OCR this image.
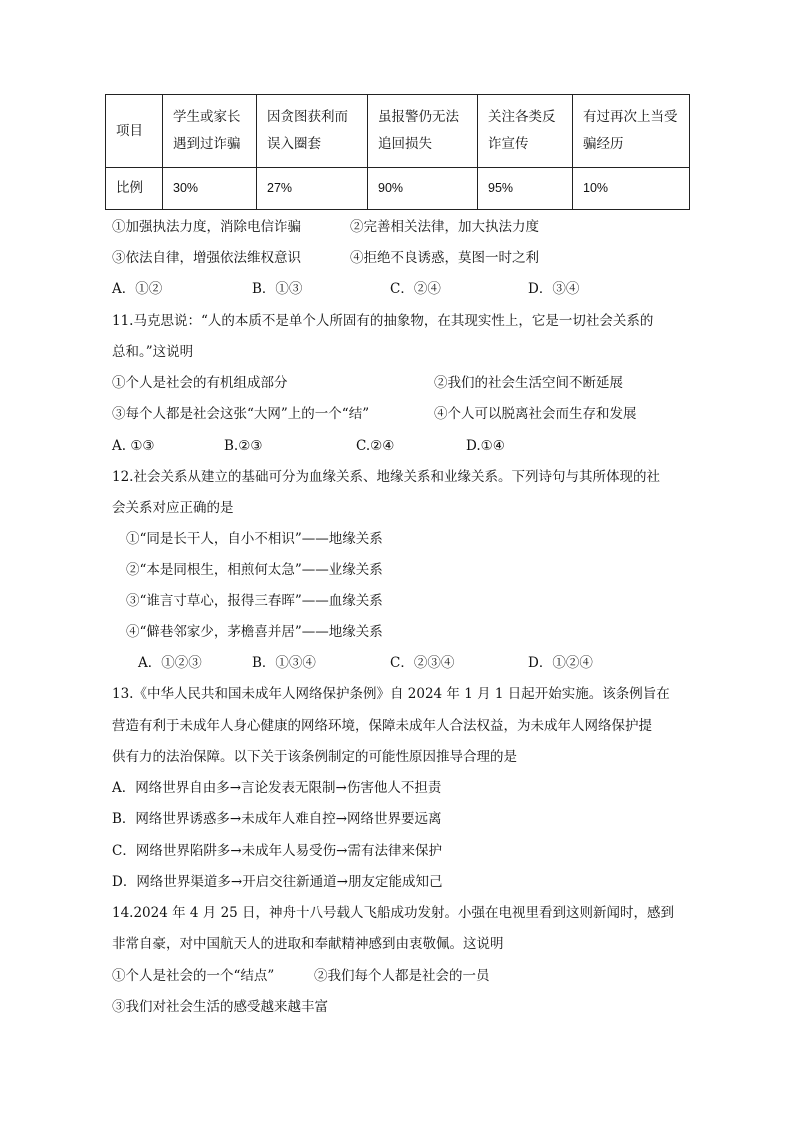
项目	学生或家长遇到过诈骗	因贪图获利而误入圈套	虽报警仍无法追回损失	关注各类反诈宣传	有过再次上当受骗经历
比例	30%	27%	90%	95%	10%
①加强执法力度，消除电信诈骗	②完善相关法律，加大执法力度
③依法自律，增强依法维权意识	④拒绝不良诱惑，莫图一时之利
A．①②	B．①③	C．②④	D．③④
11.马克思说：“人的本质不是单个人所固有的抽象物，在其现实性上，它是一切社会关系的
总和。”这说明
①个人是社会的有机组成部分	②我们的社会生活空间不断延展
③每个人都是社会这张“大网”上的一个“结”	④个人可以脱离社会而生存和发展
A. ①③	B.②③	C.②④	D.①④
12.社会关系从建立的基础可分为血缘关系、地缘关系和业缘关系。下列诗句与其所体现的社
会关系对应正确的是
①“同是长干人，自小不相识”——地缘关系
②“本是同根生，相煎何太急”——业缘关系
③“谁言寸草心，报得三春晖”——血缘关系
④“僻巷邻家少，茅檐喜并居”——地缘关系
A．①②③	B．①③④	C．②③④	D．①②④
13.《中华人民共和国未成年人网络保护条例》自 2024 年 1 月 1 日起开始实施。该条例旨在
营造有利于未成年人身心健康的网络环境，保障未成年人合法权益，为未成年人网络保护提
供有力的法治保障。以下关于该条例制定的可能性原因推导合理的是
A．网络世界自由多→言论发表无限制→伤害他人不担责
B．网络世界诱惑多→未成年人难自控→网络世界要远离
C．网络世界陷阱多→未成年人易受伤→需有法律来保护
D．网络世界渠道多→开启交往新通道→朋友定能成知己
14.2024 年 4 月 25 日，神舟十八号载人飞船成功发射。小强在电视里看到这则新闻时，感到
非常自豪，对中国航天人的进取和奉献精神感到由衷敬佩。这说明
①个人是社会的一个“结点”	②我们每个人都是社会的一员
③我们对社会生活的感受越来越丰富
